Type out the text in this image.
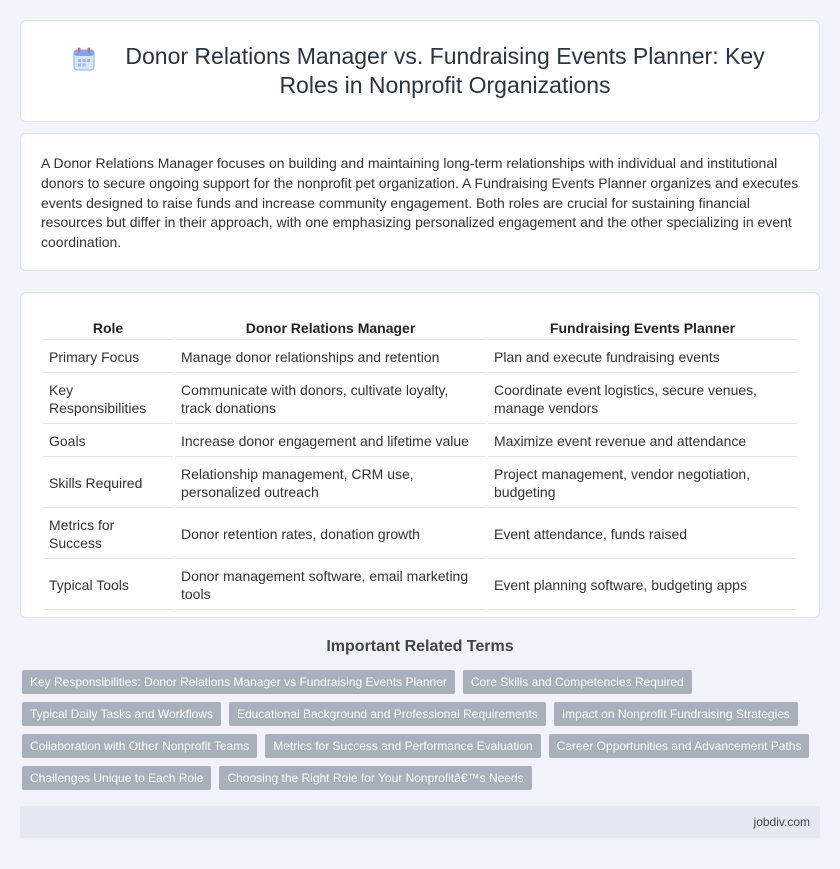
Donor Relations Manager vs. Fundraising Events Planner: Key Roles in Nonprofit Organizations

A Donor Relations Manager focuses on building and maintaining long-term relationships with individual and institutional donors to secure ongoing support for the nonprofit pet organization. A Fundraising Events Planner organizes and executes events designed to raise funds and increase community engagement. Both roles are crucial for sustaining financial resources but differ in their approach, with one emphasizing personalized engagement and the other specializing in event coordination.

Role	Donor Relations Manager	Fundraising Events Planner
Primary Focus	Manage donor relationships and retention	Plan and execute fundraising events
Key Responsibilities	Communicate with donors, cultivate loyalty, track donations	Coordinate event logistics, secure venues, manage vendors
Goals	Increase donor engagement and lifetime value	Maximize event revenue and attendance
Skills Required	Relationship management, CRM use, personalized outreach	Project management, vendor negotiation, budgeting
Metrics for Success	Donor retention rates, donation growth	Event attendance, funds raised
Typical Tools	Donor management software, email marketing tools	Event planning software, budgeting apps
Important Related Terms
Key Responsibilities: Donor Relations Manager vs Fundraising Events Planner	Core Skills and Competencies Required
Typical Daily Tasks and Workflows	Educational Background and Professional Requirements	Impact on Nonprofit Fundraising Strategies
Collaboration with Other Nonprofit Teams	Metrics for Success and Performance Evaluation	Career Opportunities and Advancement Paths
Challenges Unique to Each Role	Choosing the Right Role for Your Nonprofitâ€™s Needs
jobdiv.com
